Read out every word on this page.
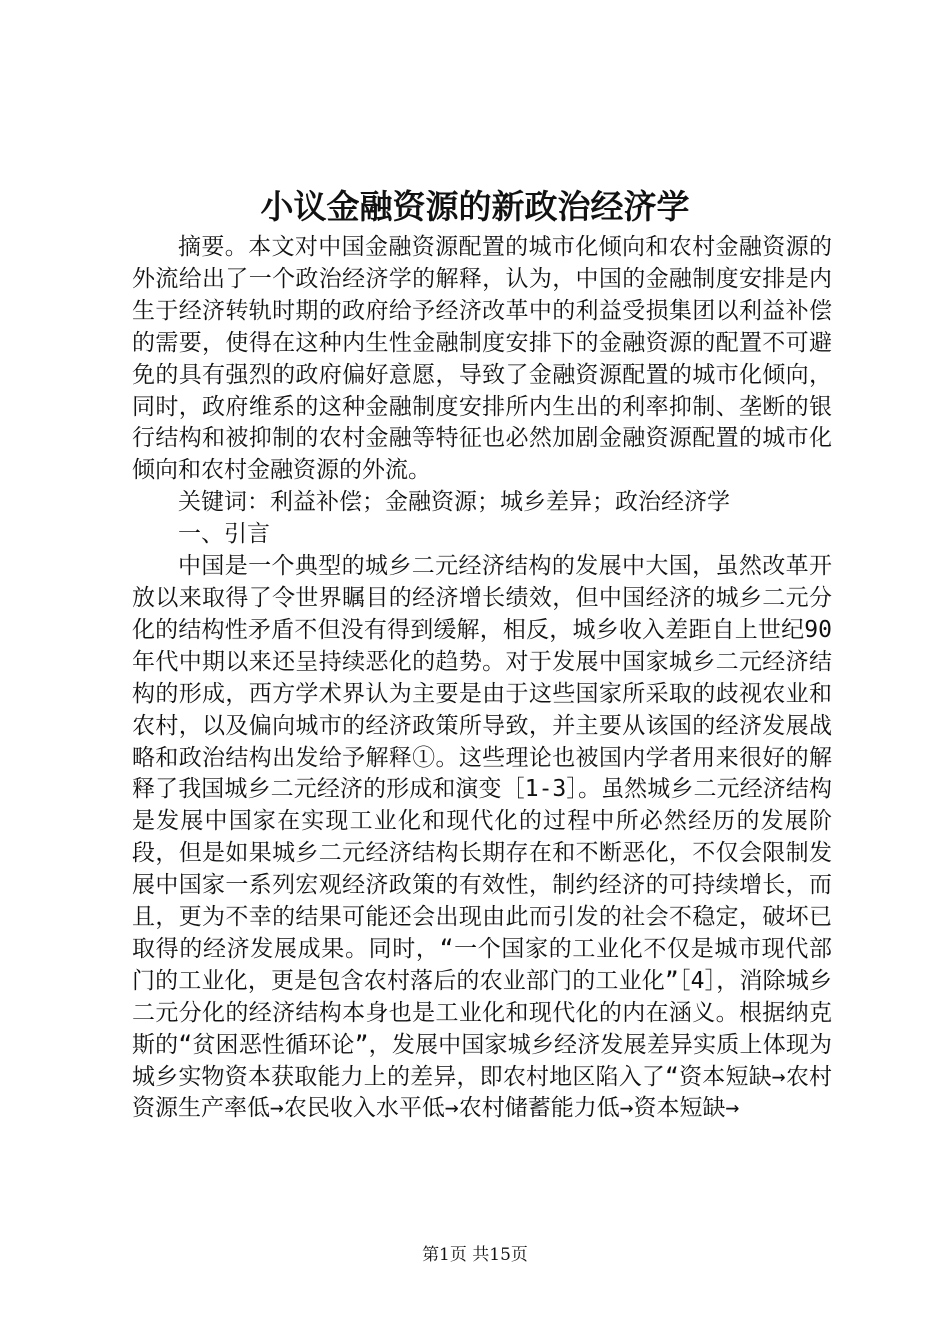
小议金融资源的新政治经济学

摘要。本文对中国金融资源配置的城市化倾向和农村金融资源的外流给出了一个政治经济学的解释，认为，中国的金融制度安排是内生于经济转轨时期的政府给予经济改革中的利益受损集团以利益补偿的需要，使得在这种内生性金融制度安排下的金融资源的配置不可避免的具有强烈的政府偏好意愿，导致了金融资源配置的城市化倾向，同时，政府维系的这种金融制度安排所内生出的利率抑制、垄断的银行结构和被抑制的农村金融等特征也必然加剧金融资源配置的城市化倾向和农村金融资源的外流。

关键词：利益补偿；金融资源；城乡差异；政治经济学

一、引言

中国是一个典型的城乡二元经济结构的发展中大国，虽然改革开放以来取得了令世界瞩目的经济增长绩效，但中国经济的城乡二元分化的结构性矛盾不但没有得到缓解，相反，城乡收入差距自上世纪90年代中期以来还呈持续恶化的趋势。对于发展中国家城乡二元经济结构的形成，西方学术界认为主要是由于这些国家所采取的歧视农业和农村，以及偏向城市的经济政策所导致，并主要从该国的经济发展战略和政治结构出发给予解释①。这些理论也被国内学者用来很好的解释了我国城乡二元经济的形成和演变［1-3］。虽然城乡二元经济结构是发展中国家在实现工业化和现代化的过程中所必然经历的发展阶段，但是如果城乡二元经济结构长期存在和不断恶化，不仅会限制发展中国家一系列宏观经济政策的有效性，制约经济的可持续增长，而且，更为不幸的结果可能还会出现由此而引发的社会不稳定，破坏已取得的经济发展成果。同时，“一个国家的工业化不仅是城市现代部门的工业化，更是包含农村落后的农业部门的工业化”［4］，消除城乡二元分化的经济结构本身也是工业化和现代化的内在涵义。根据纳克斯的“贫困恶性循环论”，发展中国家城乡经济发展差异实质上体现为城乡实物资本获取能力上的差异，即农村地区陷入了“资本短缺→农村资源生产率低→农民收入水平低→农村储蓄能力低→资本短缺→

第1页 共15页
